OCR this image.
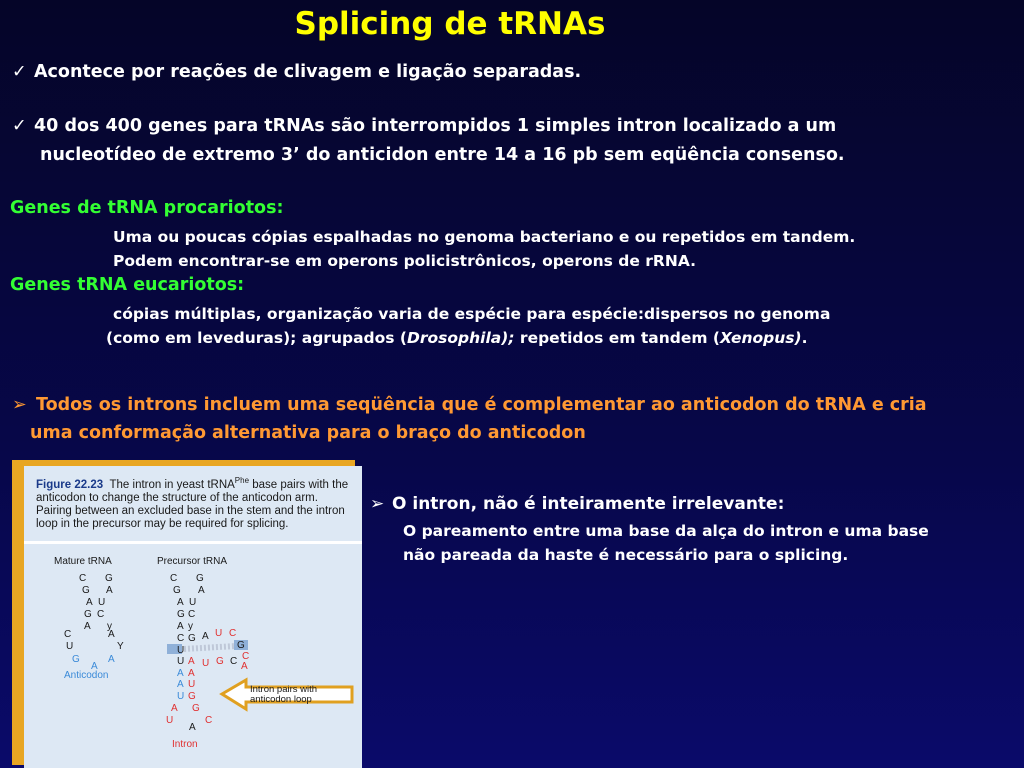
Splicing de tRNAs
✓ Acontece por reações de clivagem e ligação separadas.
✓ 40 dos 400 genes para tRNAs são interrompidos 1 simples intron localizado a um
nucleotídeo de extremo 3’ do anticidon entre 14 a 16 pb sem eqüência consenso.
Genes de tRNA procariotos:
Uma ou poucas cópias espalhadas no genoma bacteriano e ou repetidos em tandem.
Podem encontrar-se em operons policistrônicos, operons de rRNA.
Genes tRNA eucariotos:
cópias múltiplas, organização varia de espécie para espécie:dispersos no genoma
(como em leveduras); agrupados (Drosophila); repetidos em tandem (Xenopus).
➢ Todos os introns incluem uma seqüência que é complementar ao anticodon do tRNA e cria
uma conformação alternativa para o braço do anticodon
Figure 22.23 The intron in yeast tRNA$^{Phe}$ base pairs with the anticodon to change the structure of the anticodon arm. Pairing between an excluded base in the stem and the intron loop in the precursor may be required for splicing.
Mature tRNA	Precursor tRNA
Anticodon
Intron
Intron pairs with
anticodon loop
C G
G A
A U
G C
A y
C	A
U	Y
G	A
A
C G
G A
A U
G C
A y
C G A U C
U	G
C
U A U G C
A A
A
A U
U G
A G
U	C
A
➢ O intron, não é inteiramente irrelevante:
O pareamento entre uma base da alça do intron e uma base
não pareada da haste é necessário para o splicing.
